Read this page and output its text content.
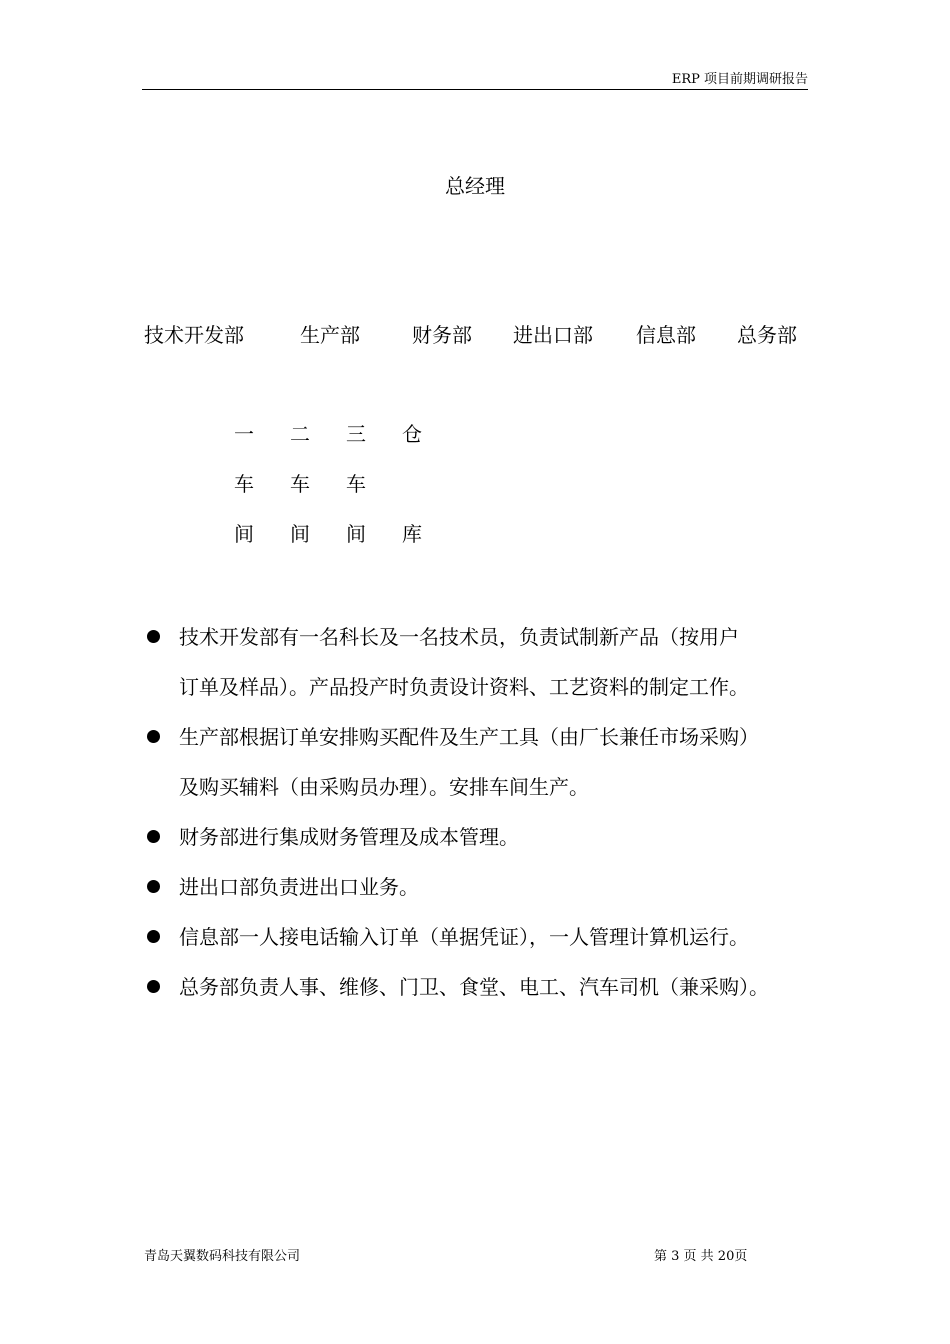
ERP 项目前期调研报告
总经理
技术开发部	生产部	财务部 进出口部 信息部 总务部
一
车
间
二
车
间
三
车
间
仓
库
技术开发部有一名科长及一名技术员，负责试制新产品（按用户
订单及样品）。产品投产时负责设计资料、工艺资料的制定工作。
生产部根据订单安排购买配件及生产工具（由厂长兼任市场采购）
及购买辅料（由采购员办理）。安排车间生产。
财务部进行集成财务管理及成本管理。
进出口部负责进出口业务。
信息部一人接电话输入订单（单据凭证），一人管理计算机运行。
总务部负责人事、维修、门卫、食堂、电工、汽车司机（兼采购）。
青岛天翼数码科技有限公司	第 3 页 共 20页
